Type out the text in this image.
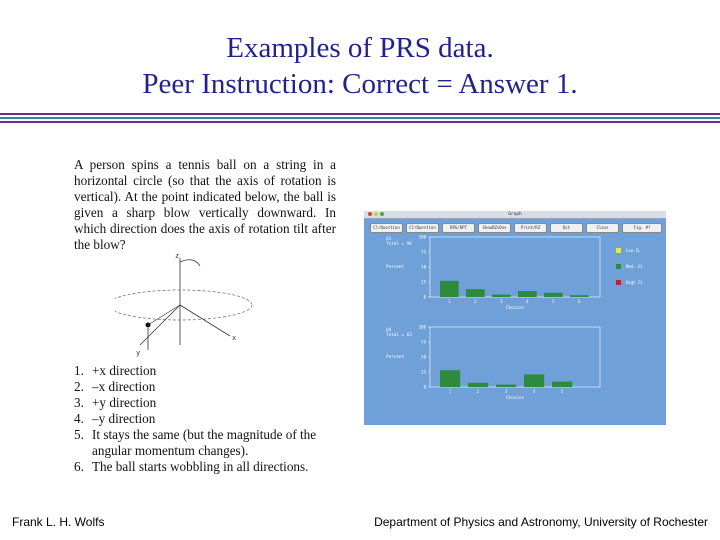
Examples of PRS data.
Peer Instruction: Correct = Answer 1.
A person spins a tennis ball on a string in a horizontal circle (so that the axis of rotation is vertical). At the point indicated below, the ball is given a sharp blow vertically downward. In which direction does the axis of rotation tilt after the blow?
z
x
y
1. +x direction
2. –x direction
3. +y direction
4. –y direction
5. It stays the same (but the magnitude of the angular momentum changes).
6. The ball starts wobbling in all directions.
Graph
ClrQuestion	ClrQuestion	RPG/RPT	ShowRZsOnv	Print/RZ	Qst	Class	Fig. #?
Q1
Total = 96
Percent
0
25
50
75
100
1	2	3	4	5	6
Choices
Q4
Total = 63
Percent
0
25
50
75
100
1	2	3	4	5
Choices
Low CL
Med. CL
High CL
Frank L. H. Wolfs	Department of Physics and Astronomy, University of Rochester
